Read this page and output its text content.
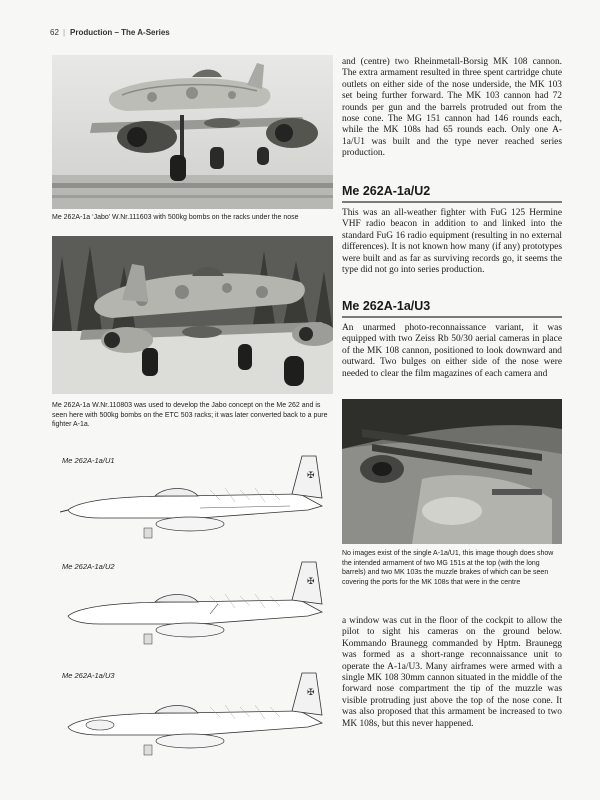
62 | Production – The A-Series
Me 262A-1a ‘Jabo’ W.Nr.111603 with 500kg bombs on the racks under the nose
Me 262A-1a W.Nr.110803 was used to develop the Jabo concept on the Me 262 and is seen here with 500kg bombs on the ETC 503 racks; it was later converted back to a pure fighter A-1a.
Me 262A-1a/U1
✠
Me 262A-1a/U2
✠
Me 262A-1a/U3
✠

and (centre) two Rheinmetall-Borsig MK 108 cannon. The extra armament resulted in three spent cartridge chute outlets on either side of the nose underside, the MK 103 set being further forward. The MK 103 cannon had 72 rounds per gun and the barrels protruded out from the nose cone. The MG 151 cannon had 146 rounds each, while the MK 108s had 65 rounds each. Only one A-1a/U1 was built and the type never reached series production.

Me 262A-1a/U2

This was an all-weather fighter with FuG 125 Hermine VHF radio beacon in addition to and linked into the standard FuG 16 radio equipment (resulting in no external differences). It is not known how many (if any) prototypes were built and as far as surviving records go, it seems the type did not go into series production.

Me 262A-1a/U3

An unarmed photo-reconnaissance variant, it was equipped with two Zeiss Rb 50/30 aerial cameras in place of the MK 108 cannon, positioned to look downward and outward. Two bulges on either side of the nose were needed to clear the film magazines of each camera and

No images exist of the single A-1a/U1, this image though does show the intended armament of two MG 151s at the top (with the long barrels) and two MK 103s the muzzle brakes of which can be seen covering the ports for the MK 108s that were in the centre

a window was cut in the floor of the cockpit to allow the pilot to sight his cameras on the ground below. Kommando Braunegg commanded by Hptm. Braunegg was formed as a short-range reconnaissance unit to operate the A-1a/U3. Many airframes were armed with a single MK 108 30mm cannon situated in the middle of the forward nose compartment the tip of the muzzle was visible protruding just above the top of the nose cone. It was also proposed that this armament be increased to two MK 108s, but this never happened.
